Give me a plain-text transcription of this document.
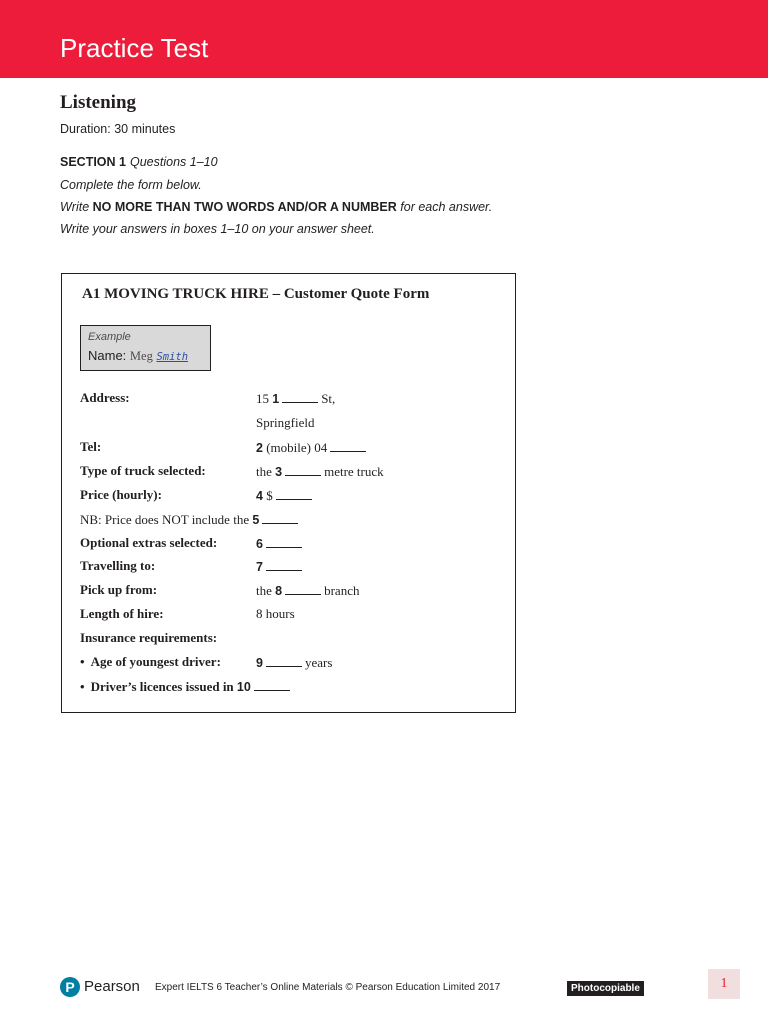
Practice Test
Listening
Duration: 30 minutes
SECTION 1 Questions 1–10
Complete the form below.
Write NO MORE THAN TWO WORDS AND/OR A NUMBER for each answer.
Write your answers in boxes 1–10 on your answer sheet.
A1 MOVING TRUCK HIRE – Customer Quote Form
Example
Name: Meg Smith
Address:	15 1	St,
Springfield
Tel:	2 (mobile) 04
Type of truck selected:	the 3	metre truck
Price (hourly):	4 $
NB: Price does NOT include the 5
Optional extras selected:	6
Travelling to:	7
Pick up from:	the 8	branch
Length of hire:	8 hours
Insurance requirements:
• Age of youngest driver:	9	years
• Driver’s licences issued in 10
P Pearson Expert IELTS 6 Teacher’s Online Materials © Pearson Education Limited 2017	Photocopiable	1
